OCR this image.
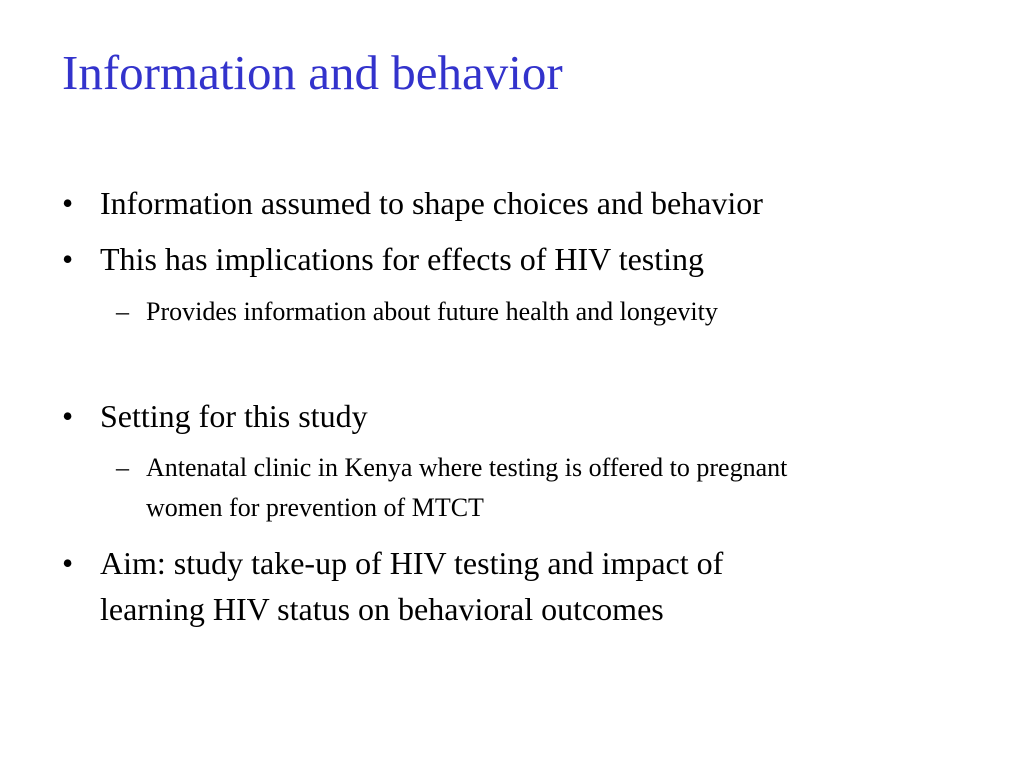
Information and behavior
• Information assumed to shape choices and behavior
• This has implications for effects of HIV testing
– Provides information about future health and longevity
• Setting for this study
– Antenatal clinic in Kenya where testing is offered to pregnant
women for prevention of MTCT
• Aim: study take-up of HIV testing and impact of
learning HIV status on behavioral outcomes
